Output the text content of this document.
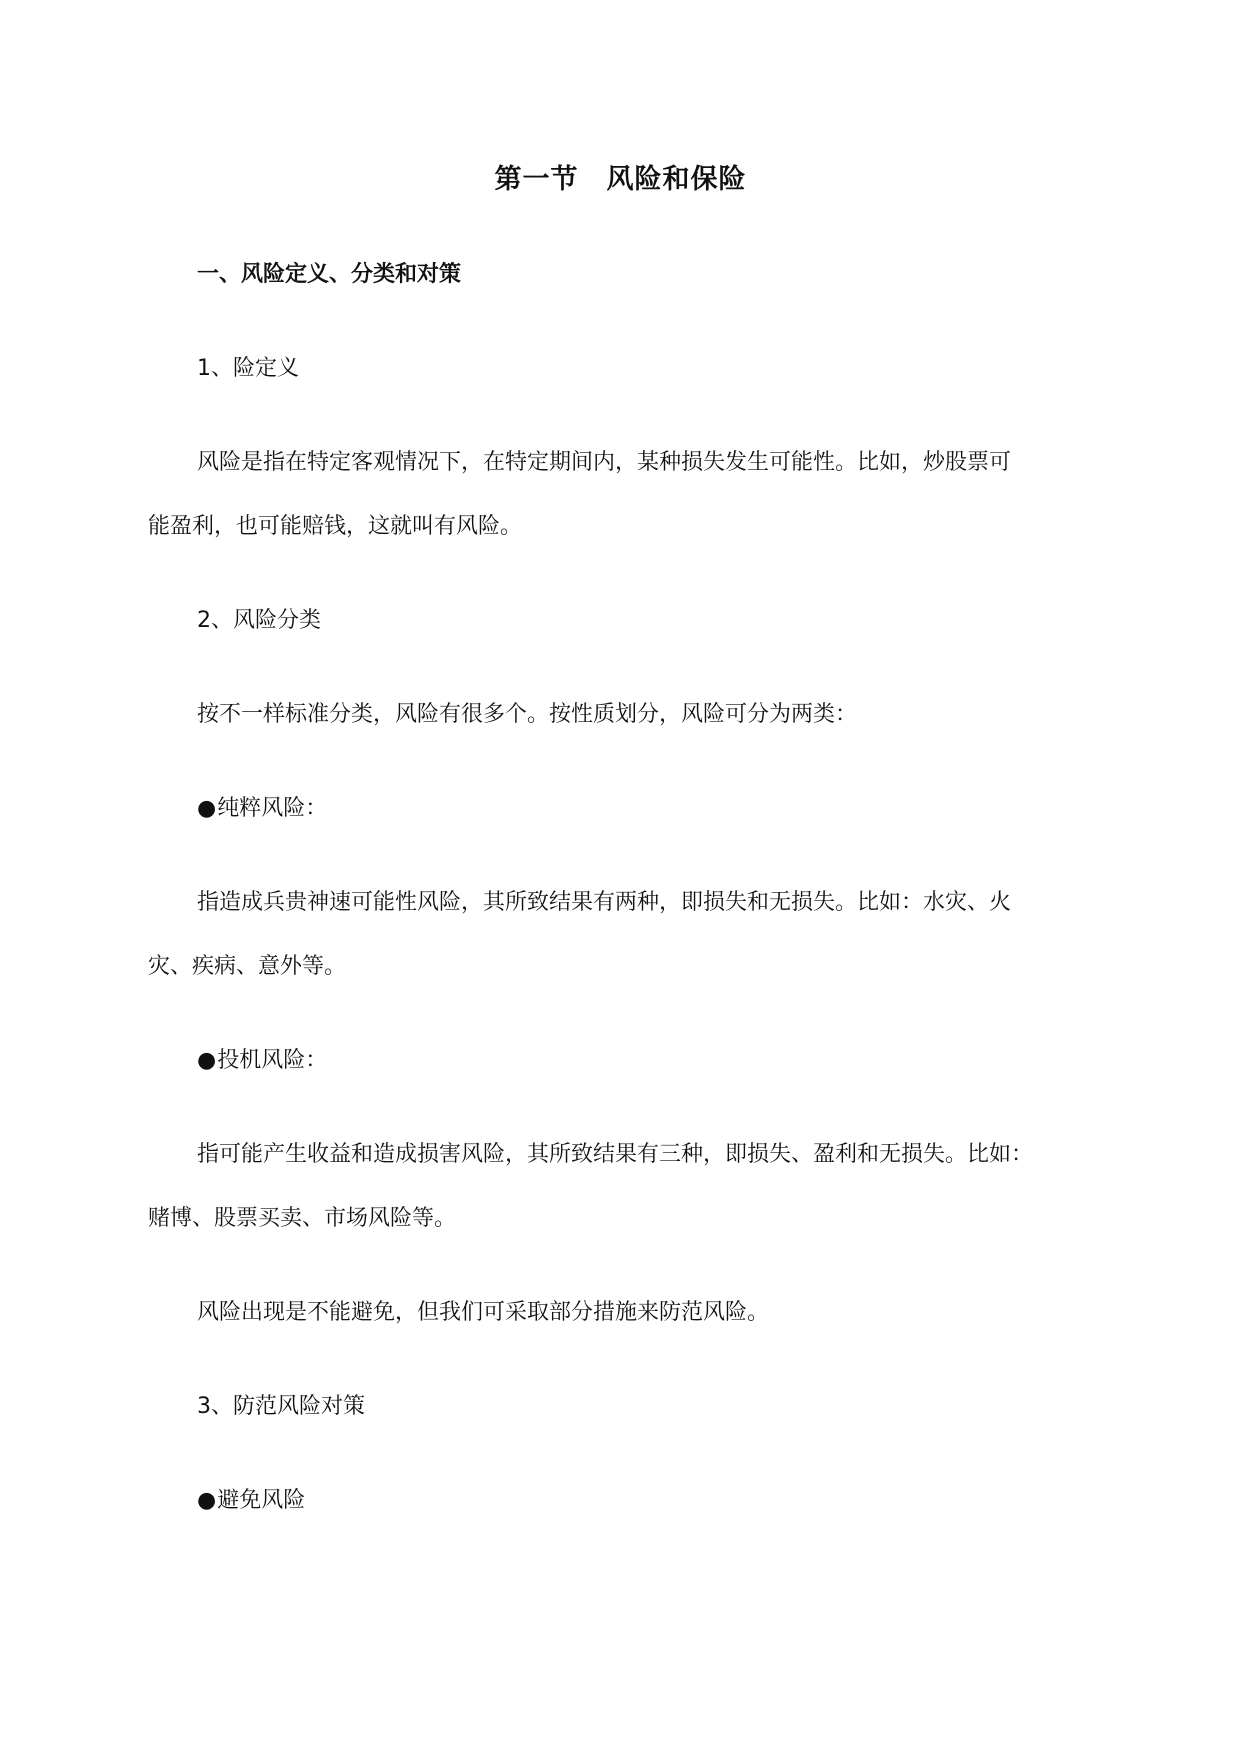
第一节　风险和保险

一、风险定义、分类和对策

1、险定义

风险是指在特定客观情况下，在特定期间内，某种损失发生可能性。比如，炒股票可

能盈利，也可能赔钱，这就叫有风险。

2、风险分类

按不一样标准分类，风险有很多个。按性质划分，风险可分为两类：

●纯粹风险：

指造成兵贵神速可能性风险，其所致结果有两种，即损失和无损失。比如：水灾、火

灾、疾病、意外等。

●投机风险：

指可能产生收益和造成损害风险，其所致结果有三种，即损失、盈利和无损失。比如：

赌博、股票买卖、市场风险等。

风险出现是不能避免，但我们可采取部分措施来防范风险。

3、防范风险对策

●避免风险
